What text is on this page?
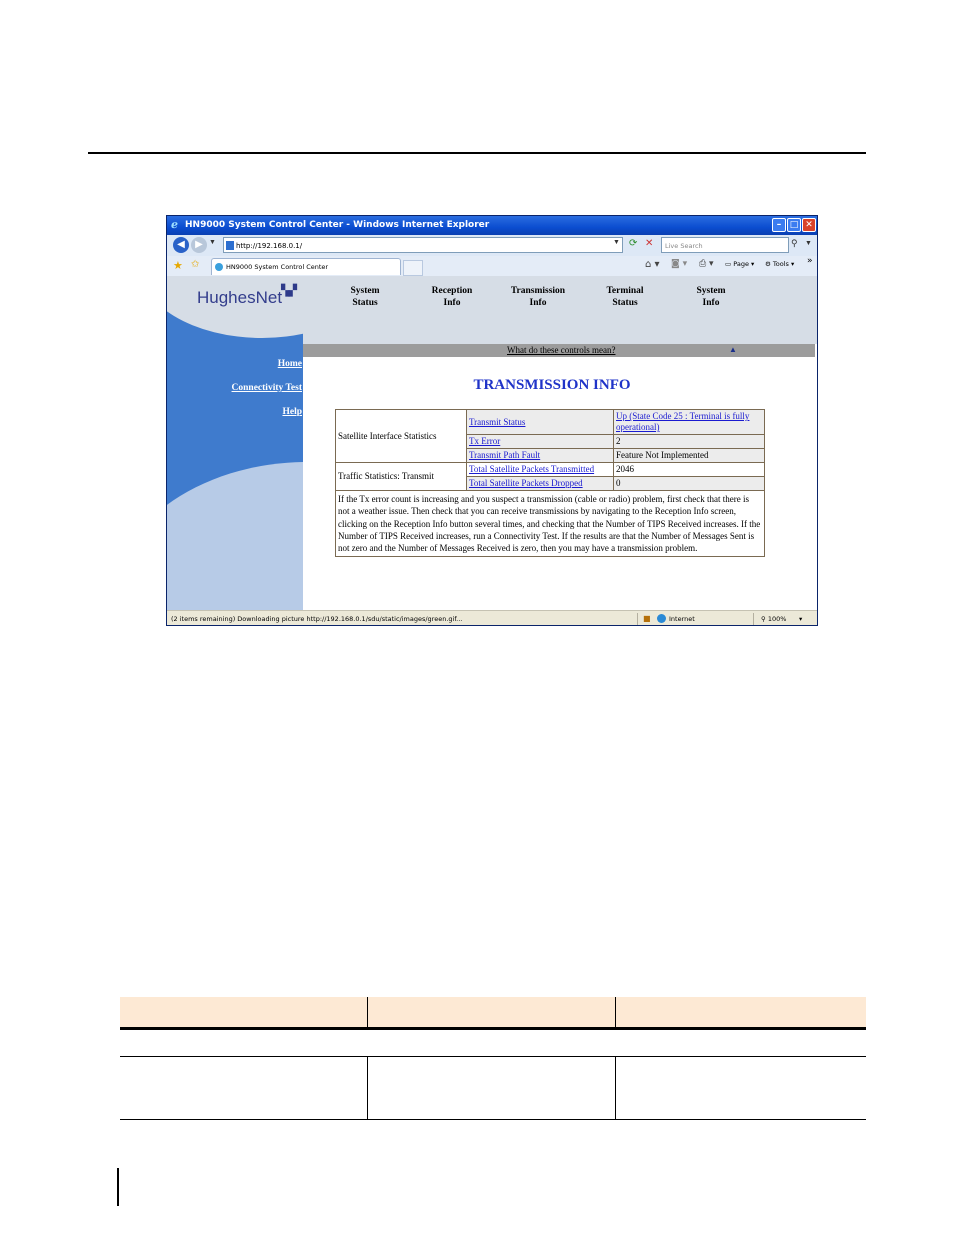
ℯ HN9000 System Control Center - Windows Internet Explorer	– □ ✕
◀	▶ ▼	http://192.168.0.1/	▼ ⟳ ✕	Live Search	⚲ ▼
★ ✩	HN9000 System Control Center	⌂ ▾ ◙ ▾ ⎙ ▾ ▭ Page ▾ ⚙ Tools ▾ »
HughesNet
▚▞	System
Status
Reception
Info
Transmission
Info
Terminal
Status
System
Info
What do these controls mean?	▲
Home
Connectivity Test
Help
TRANSMISSION INFO
Satellite Interface Statistics	Transmit Status	Up (State Code 25 : Terminal is fully operational)
	Tx Error	2
	Transmit Path Fault	Feature Not Implemented
Traffic Statistics: Transmit	Total Satellite Packets Transmitted	2046
	Total Satellite Packets Dropped	0
If the Tx error count is increasing and you suspect a transmission (cable or radio) problem, first check that there is not a weather issue. Then check that you can receive transmissions by navigating to the Reception Info screen, clicking on the Reception Info button several times, and checking that the Number of TIPS Received increases. If the Number of TIPS Received increases, run a Connectivity Test. If the results are that the Number of Messages Sent is not zero and the Number of Messages Received is zero, then you may have a transmission problem.		
(2 items remaining) Downloading picture http://192.168.0.1/sdu/static/images/green.gif...	■	Internet	⚲ 100% ▾
